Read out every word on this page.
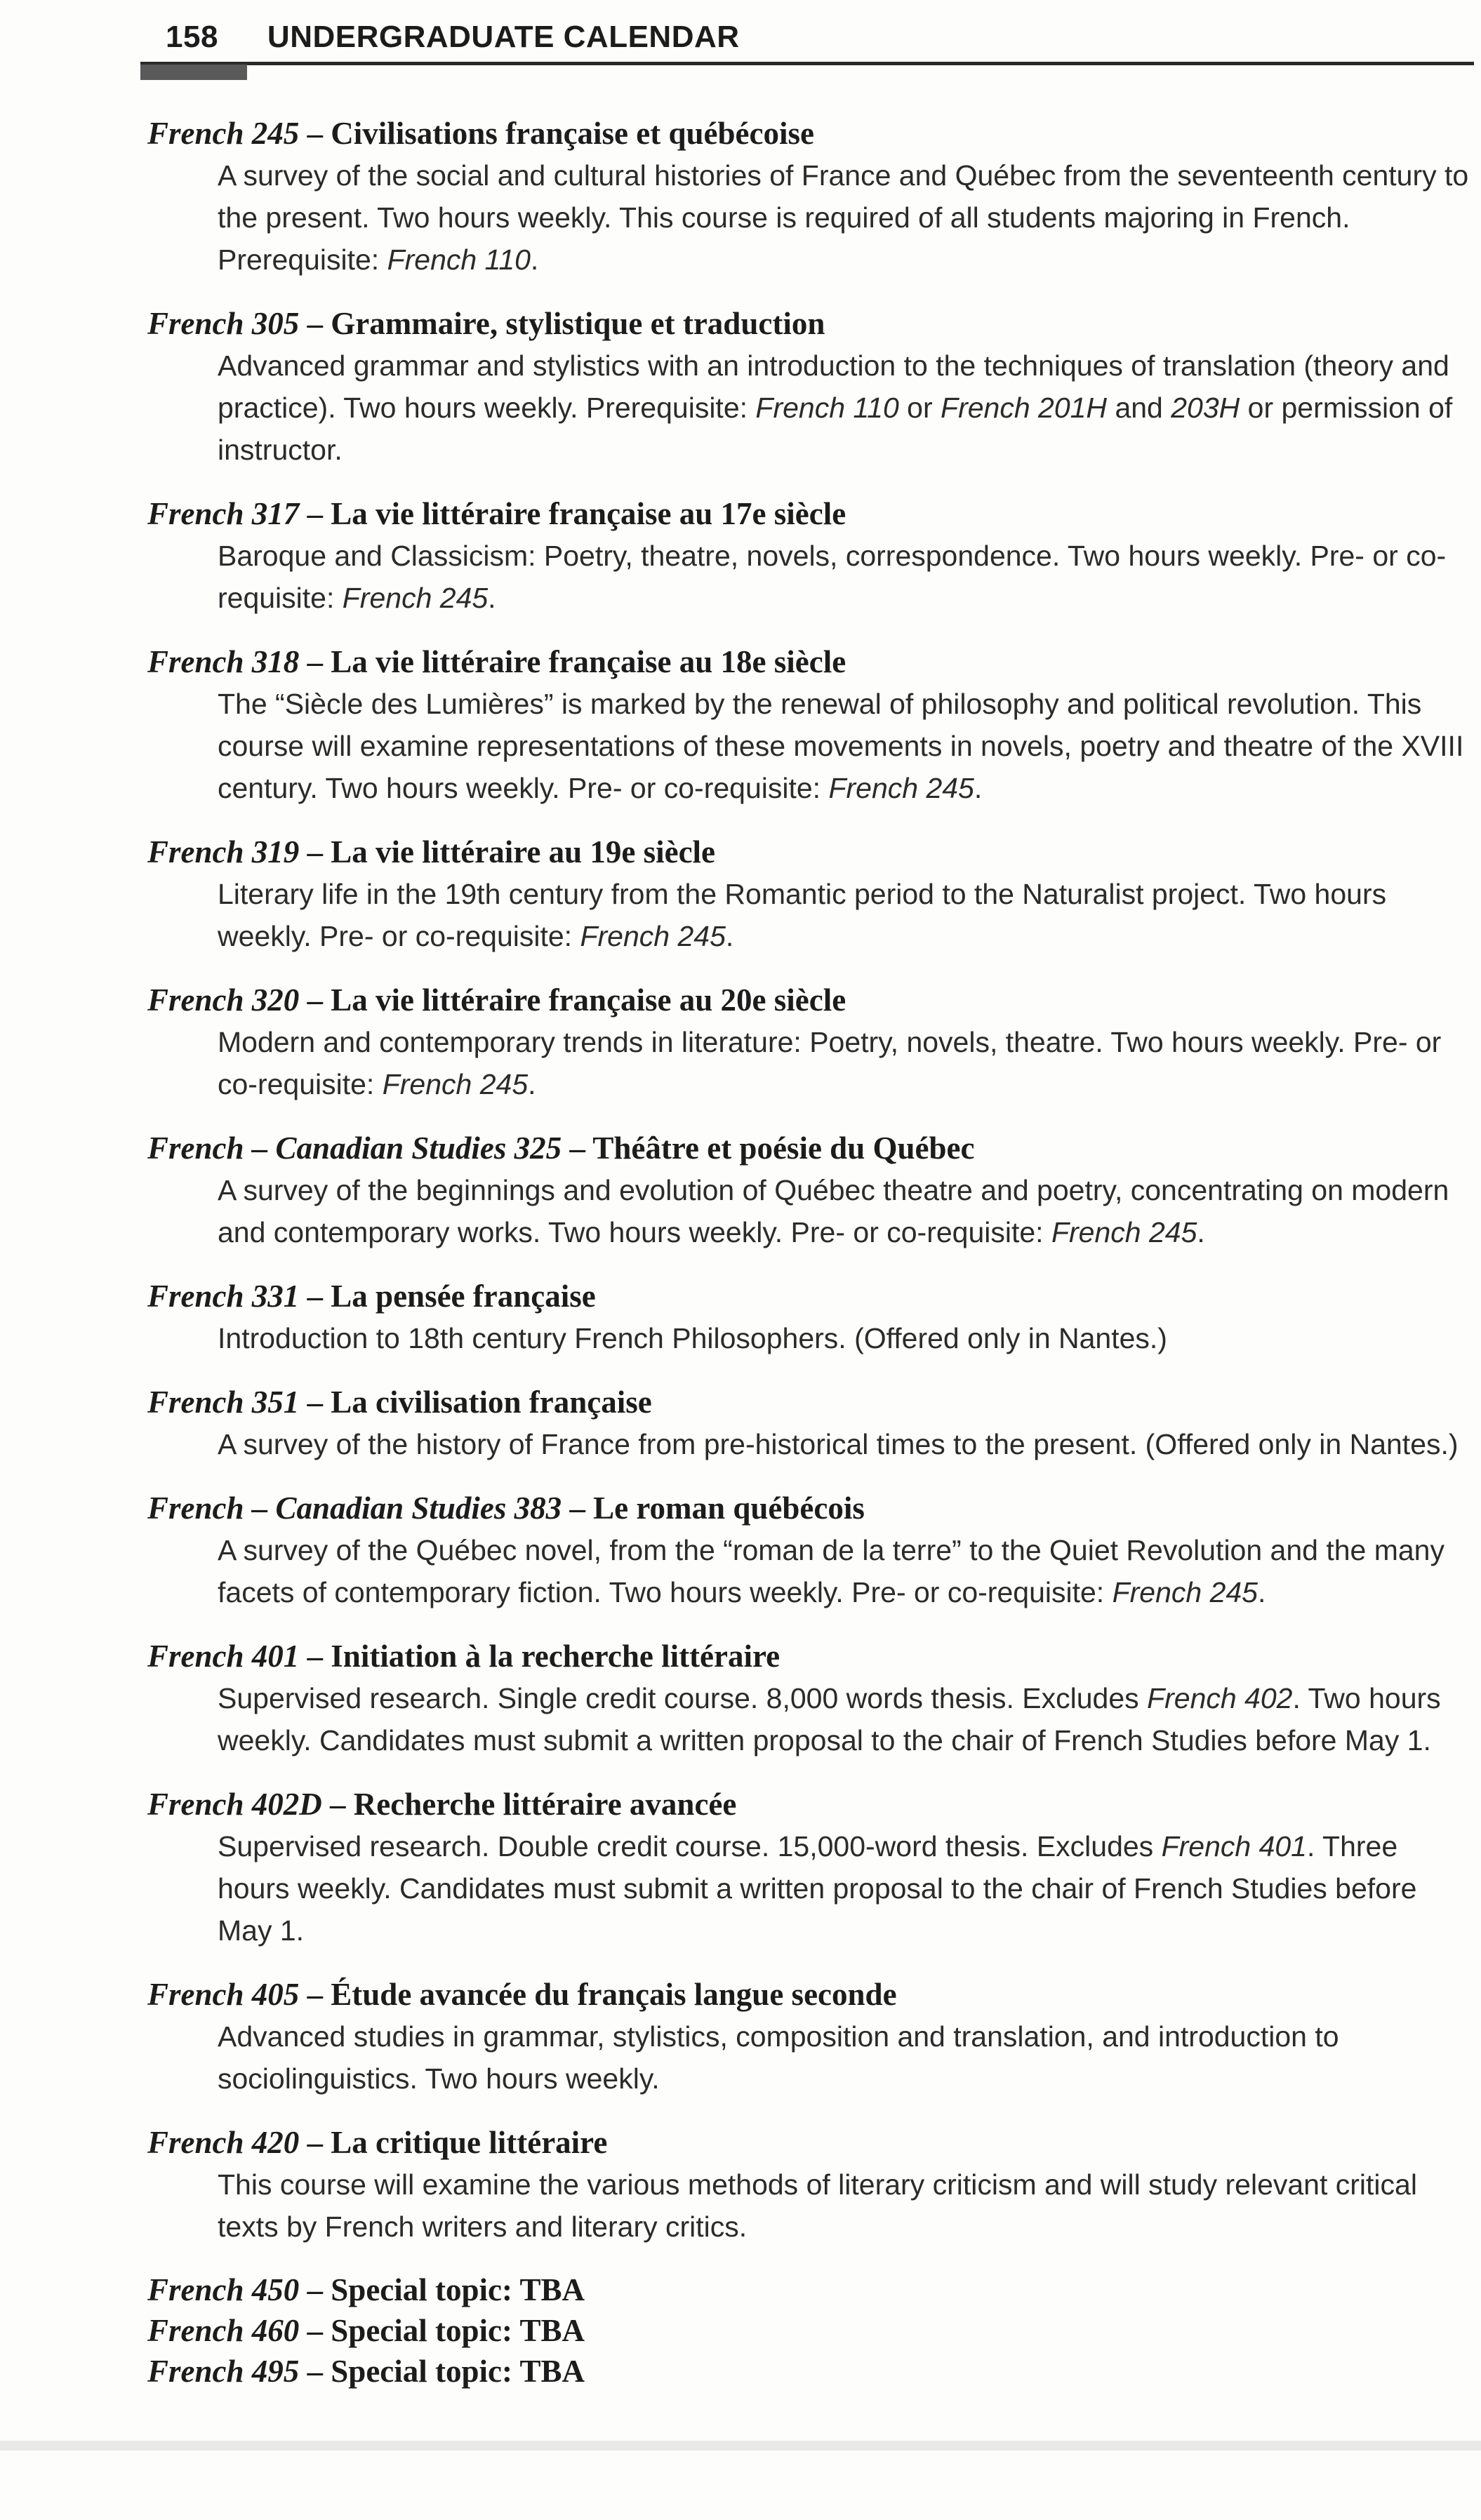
158 UNDERGRADUATE CALENDAR
French 245 – Civilisations française et québécoise
A survey of the social and cultural histories of France and Québec from the seventeenth century to the present. Two hours weekly. This course is required of all students majoring in French. Prerequisite: French 110.
French 305 – Grammaire, stylistique et traduction
Advanced grammar and stylistics with an introduction to the techniques of translation (theory and practice). Two hours weekly. Prerequisite: French 110 or French 201H and 203H or permission of instructor.
French 317 – La vie littéraire française au 17e siècle
Baroque and Classicism: Poetry, theatre, novels, correspondence. Two hours weekly. Pre- or co-requisite: French 245.
French 318 – La vie littéraire française au 18e siècle
The “Siècle des Lumières” is marked by the renewal of philosophy and political revolution. This course will examine representations of these movements in novels, poetry and theatre of the XVIII century. Two hours weekly. Pre- or co-requisite: French 245.
French 319 – La vie littéraire au 19e siècle
Literary life in the 19th century from the Romantic period to the Naturalist project. Two hours weekly. Pre- or co-requisite: French 245.
French 320 – La vie littéraire française au 20e siècle
Modern and contemporary trends in literature: Poetry, novels, theatre. Two hours weekly. Pre- or co-requisite: French 245.
French – Canadian Studies 325 – Théâtre et poésie du Québec
A survey of the beginnings and evolution of Québec theatre and poetry, concentrating on modern and contemporary works. Two hours weekly. Pre- or co-requisite: French 245.
French 331 – La pensée française
Introduction to 18th century French Philosophers. (Offered only in Nantes.)
French 351 – La civilisation française
A survey of the history of France from pre-historical times to the present. (Offered only in Nantes.)
French – Canadian Studies 383 – Le roman québécois
A survey of the Québec novel, from the “roman de la terre” to the Quiet Revolution and the many facets of contemporary fiction. Two hours weekly. Pre- or co-requisite: French 245.
French 401 – Initiation à la recherche littéraire
Supervised research. Single credit course. 8,000 words thesis. Excludes French 402. Two hours weekly. Candidates must submit a written proposal to the chair of French Studies before May 1.
French 402D – Recherche littéraire avancée
Supervised research. Double credit course. 15,000-word thesis. Excludes French 401. Three hours weekly. Candidates must submit a written proposal to the chair of French Studies before May 1.
French 405 – Étude avancée du français langue seconde
Advanced studies in grammar, stylistics, composition and translation, and introduction to sociolinguistics. Two hours weekly.
French 420 – La critique littéraire
This course will examine the various methods of literary criticism and will study relevant critical texts by French writers and literary critics.
French 450 – Special topic: TBA
French 460 – Special topic: TBA
French 495 – Special topic: TBA
